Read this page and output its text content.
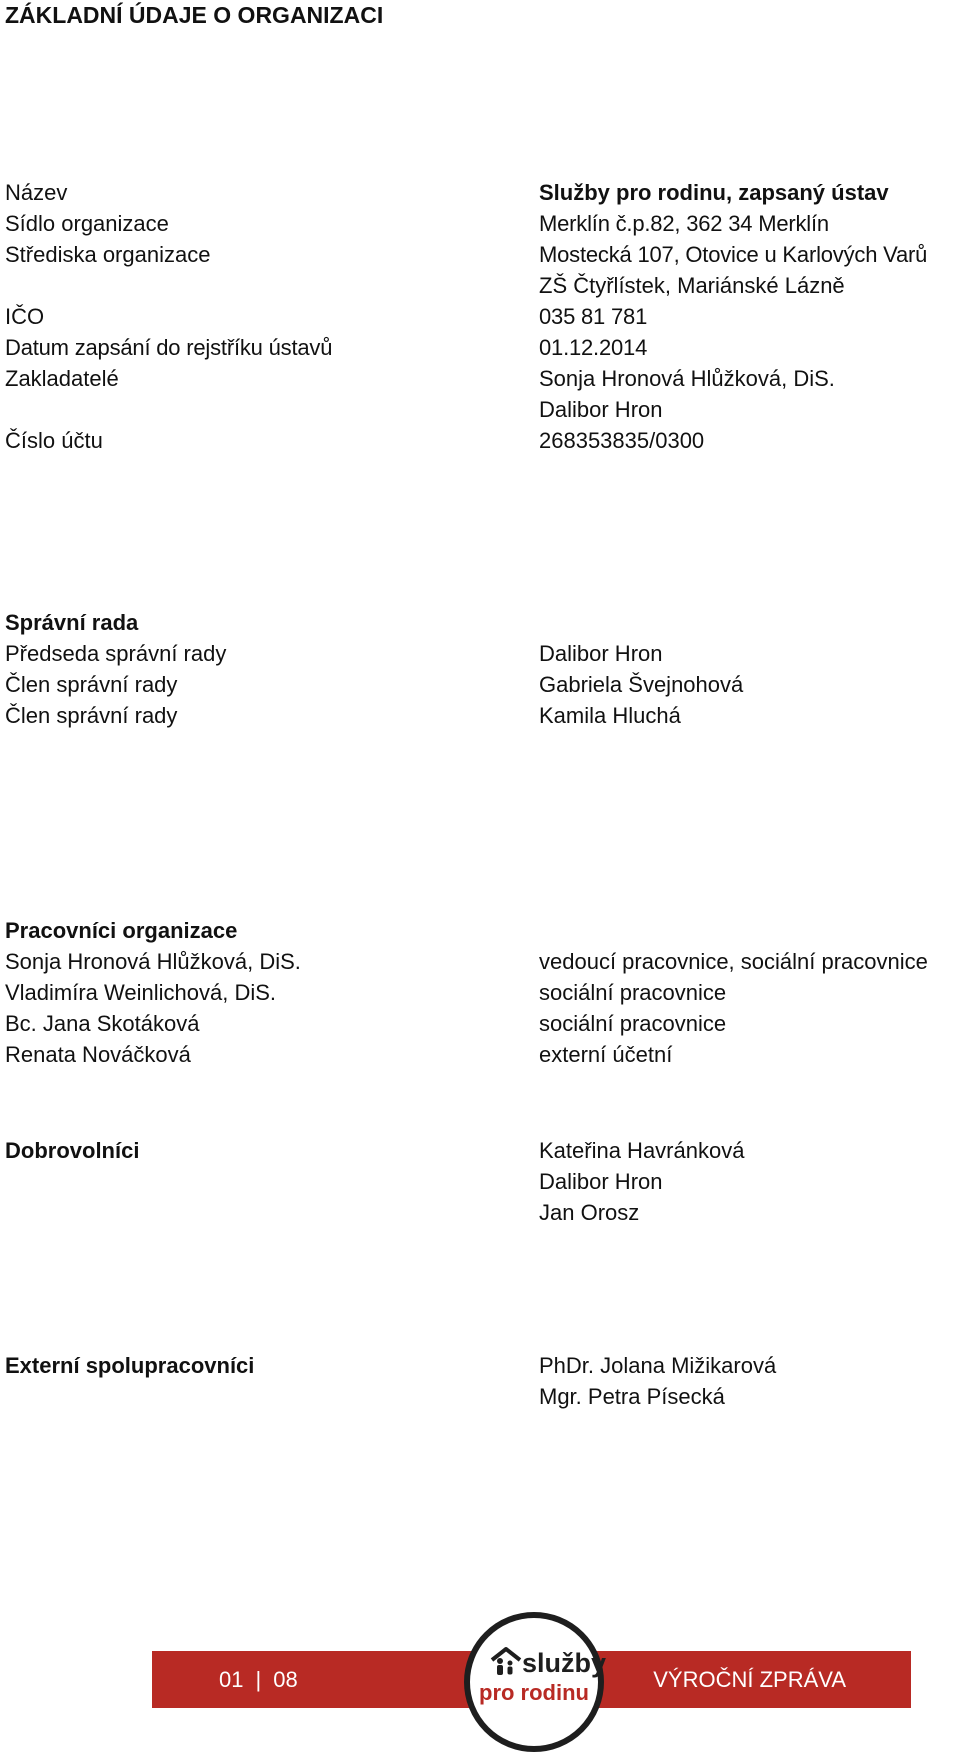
ZÁKLADNÍ ÚDAJE O ORGANIZACI
Název	Služby pro rodinu, zapsaný ústav
Sídlo organizace	Merklín č.p.82, 362 34 Merklín
Střediska organizace	Mostecká 107, Otovice u Karlových Varů
ZŠ Čtyřlístek, Mariánské Lázně
IČO	035 81 781
Datum zapsání do rejstříku ústavů	01.12.2014
Zakladatelé	Sonja Hronová Hlůžková, DiS.
Dalibor Hron
Číslo účtu	268353835/0300
Správní rada
Předseda správní rady	Dalibor Hron
Člen správní rady	Gabriela Švejnohová
Člen správní rady	Kamila Hluchá
Pracovníci organizace
Sonja Hronová Hlůžková, DiS.	vedoucí pracovnice, sociální pracovnice
Vladimíra Weinlichová, DiS.	sociální pracovnice
Bc. Jana Skotáková	sociální pracovnice
Renata Nováčková	externí účetní
Dobrovolníci	Kateřina Havránková
Dalibor Hron
Jan Orosz
Externí spolupracovníci	PhDr. Jolana Mižikarová
Mgr. Petra Písecká
01 | 08	VÝROČNÍ ZPRÁVA
služby
pro rodinu
